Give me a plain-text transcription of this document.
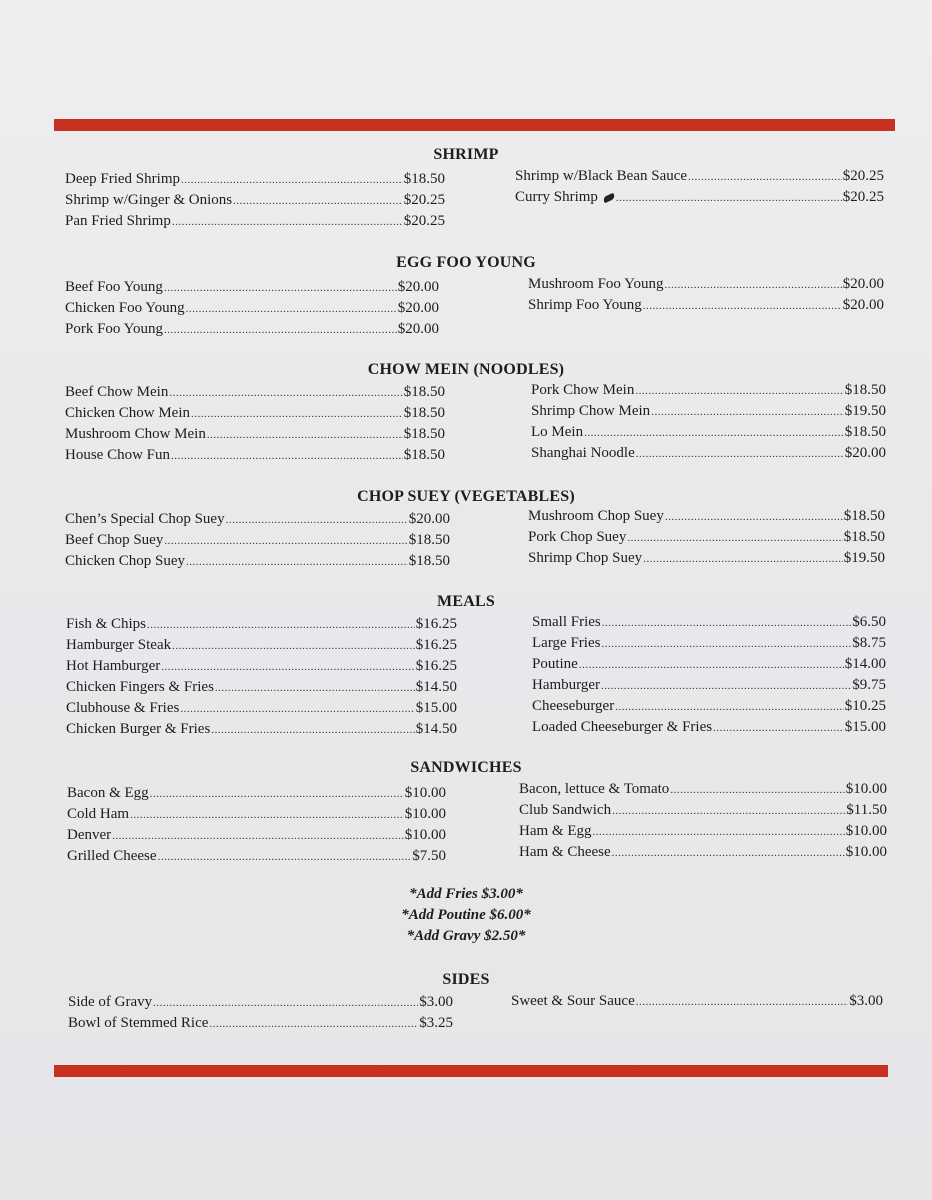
SHRIMP
Deep Fried Shrimp .....	$18.50
Shrimp w/Ginger & Onions .....	$20.25
Pan Fried Shrimp .....	$20.25
Shrimp w/Black Bean Sauce .....	$20.25
Curry Shrimp .....	$20.25
EGG FOO YOUNG
Beef Foo Young .....	$20.00
Chicken Foo Young .....	$20.00
Pork Foo Young .....	$20.00
Mushroom Foo Young .....	$20.00
Shrimp Foo Young .....	$20.00
CHOW MEIN (NOODLES)
Beef Chow Mein .....	$18.50
Chicken Chow Mein .....	$18.50
Mushroom Chow Mein .....	$18.50
House Chow Fun .....	$18.50
Pork Chow Mein .....	$18.50
Shrimp Chow Mein .....	$19.50
Lo Mein .....	$18.50
Shanghai Noodle .....	$20.00
CHOP SUEY (VEGETABLES)
Chen’s Special Chop Suey .....	$20.00
Beef Chop Suey .....	$18.50
Chicken Chop Suey .....	$18.50
Mushroom Chop Suey .....	$18.50
Pork Chop Suey .....	$18.50
Shrimp Chop Suey .....	$19.50
MEALS
Fish & Chips .....	$16.25
Hamburger Steak .....	$16.25
Hot Hamburger .....	$16.25
Chicken Fingers & Fries .....	$14.50
Clubhouse & Fries .....	$15.00
Chicken Burger & Fries .....	$14.50
Small Fries .....	$6.50
Large Fries .....	$8.75
Poutine .....	$14.00
Hamburger .....	$9.75
Cheeseburger .....	$10.25
Loaded Cheeseburger & Fries .....	$15.00
SANDWICHES
Bacon & Egg .....	$10.00
Cold Ham .....	$10.00
Denver .....	$10.00
Grilled Cheese .....	$7.50
Bacon, lettuce & Tomato .....	$10.00
Club Sandwich .....	$11.50
Ham & Egg .....	$10.00
Ham & Cheese .....	$10.00
*Add Fries $3.00*
*Add Poutine $6.00*
*Add Gravy $2.50*
SIDES
Side of Gravy .....	$3.00
Bowl of Stemmed Rice .....	$3.25
Sweet & Sour Sauce .....	$3.00
